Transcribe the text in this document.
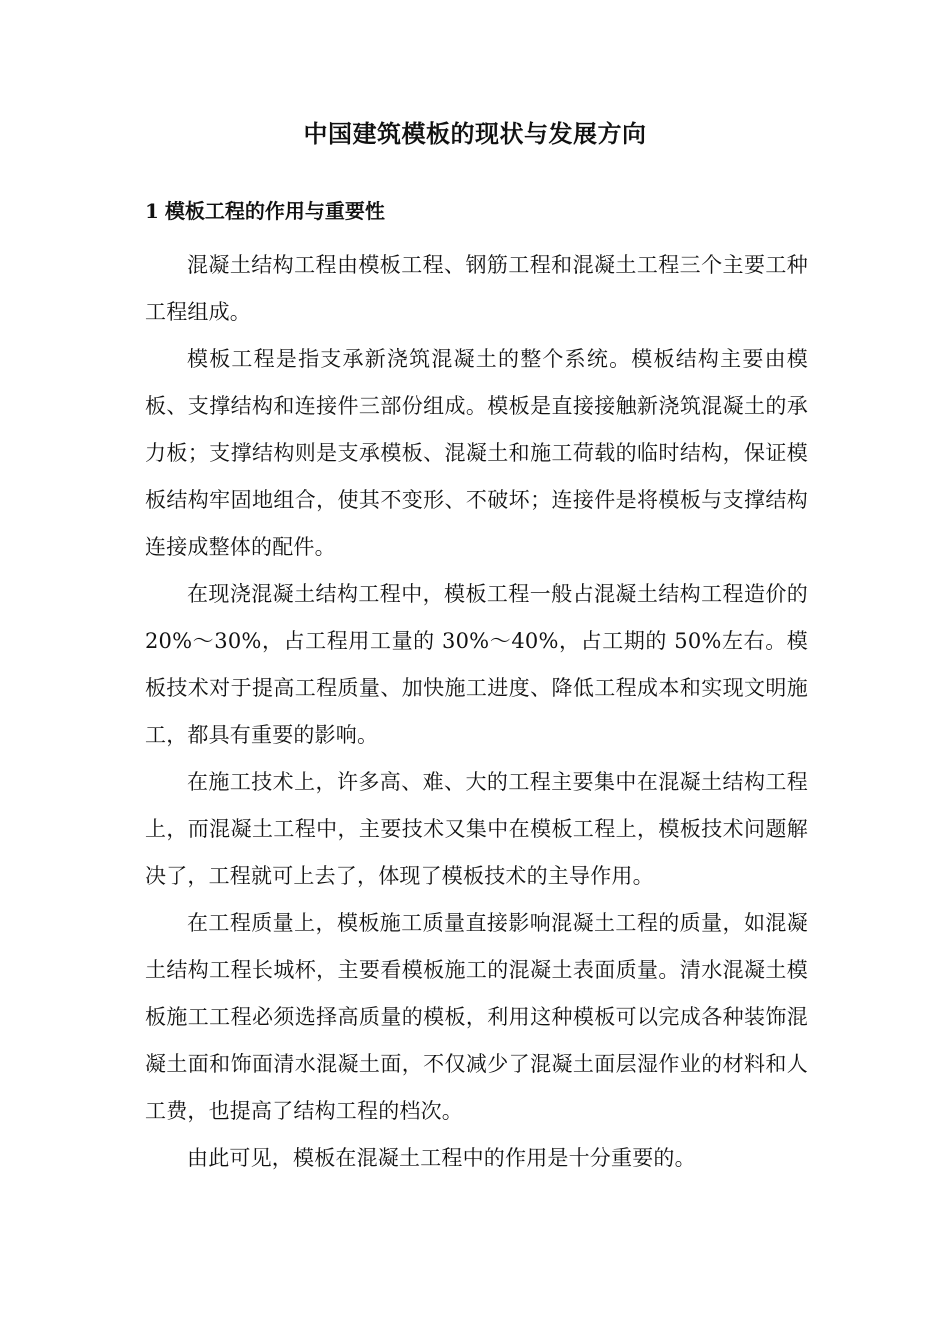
中国建筑模板的现状与发展方向
1 模板工程的作用与重要性

混凝土结构工程由模板工程、钢筋工程和混凝土工程三个主要工种工程组成。

模板工程是指支承新浇筑混凝土的整个系统。模板结构主要由模板、支撑结构和连接件三部份组成。模板是直接接触新浇筑混凝土的承力板；支撑结构则是支承模板、混凝土和施工荷载的临时结构，保证模板结构牢固地组合，使其不变形、不破坏；连接件是将模板与支撑结构连接成整体的配件。

在现浇混凝土结构工程中，模板工程一般占混凝土结构工程造价的 20%～30%，占工程用工量的 30%～40%，占工期的 50%左右。模板技术对于提高工程质量、加快施工进度、降低工程成本和实现文明施工，都具有重要的影响。

在施工技术上，许多高、难、大的工程主要集中在混凝土结构工程上，而混凝土工程中，主要技术又集中在模板工程上，模板技术问题解决了，工程就可上去了，体现了模板技术的主导作用。

在工程质量上，模板施工质量直接影响混凝土工程的质量，如混凝土结构工程长城杯，主要看模板施工的混凝土表面质量。清水混凝土模板施工工程必须选择高质量的模板，利用这种模板可以完成各种装饰混凝土面和饰面清水混凝土面，不仅减少了混凝土面层湿作业的材料和人工费，也提高了结构工程的档次。

由此可见，模板在混凝土工程中的作用是十分重要的。
